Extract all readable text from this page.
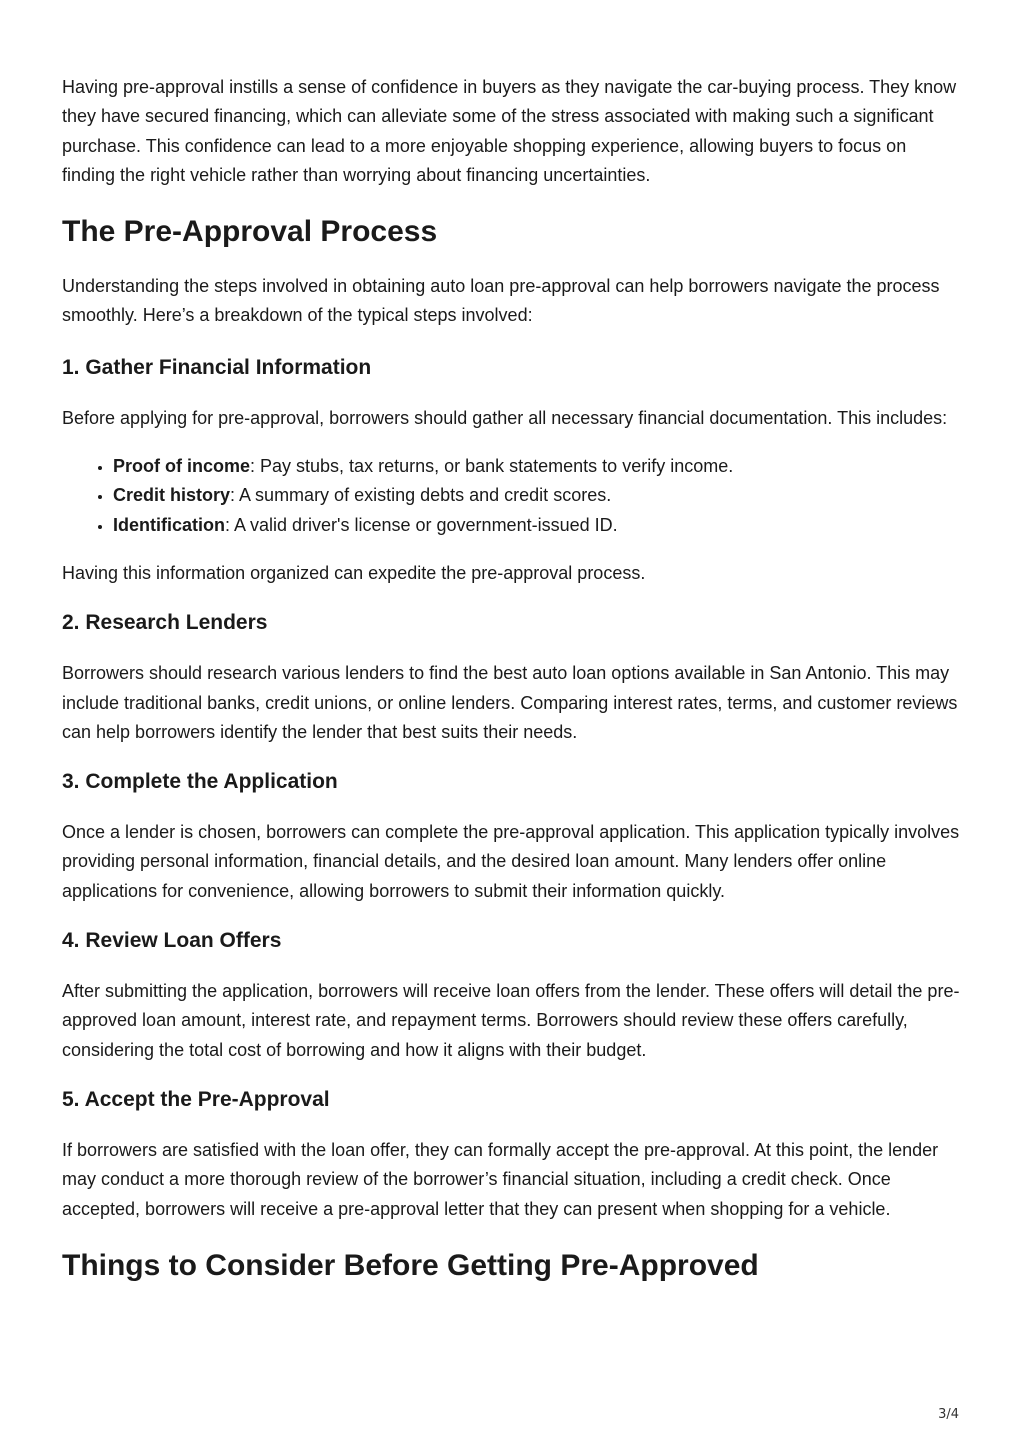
Having pre-approval instills a sense of confidence in buyers as they navigate the car-buying process. They know they have secured financing, which can alleviate some of the stress associated with making such a significant purchase. This confidence can lead to a more enjoyable shopping experience, allowing buyers to focus on finding the right vehicle rather than worrying about financing uncertainties.

The Pre-Approval Process

Understanding the steps involved in obtaining auto loan pre-approval can help borrowers navigate the process smoothly. Here’s a breakdown of the typical steps involved:

1. Gather Financial Information

Before applying for pre-approval, borrowers should gather all necessary financial documentation. This includes:

• Proof of income: Pay stubs, tax returns, or bank statements to verify income.
• Credit history: A summary of existing debts and credit scores.
• Identification: A valid driver's license or government-issued ID.

Having this information organized can expedite the pre-approval process.

2. Research Lenders

Borrowers should research various lenders to find the best auto loan options available in San Antonio. This may include traditional banks, credit unions, or online lenders. Comparing interest rates, terms, and customer reviews can help borrowers identify the lender that best suits their needs.

3. Complete the Application

Once a lender is chosen, borrowers can complete the pre-approval application. This application typically involves providing personal information, financial details, and the desired loan amount. Many lenders offer online applications for convenience, allowing borrowers to submit their information quickly.

4. Review Loan Offers

After submitting the application, borrowers will receive loan offers from the lender. These offers will detail the pre-approved loan amount, interest rate, and repayment terms. Borrowers should review these offers carefully, considering the total cost of borrowing and how it aligns with their budget.

5. Accept the Pre-Approval

If borrowers are satisfied with the loan offer, they can formally accept the pre-approval. At this point, the lender may conduct a more thorough review of the borrower’s financial situation, including a credit check. Once accepted, borrowers will receive a pre-approval letter that they can present when shopping for a vehicle.

Things to Consider Before Getting Pre-Approved
3/4
